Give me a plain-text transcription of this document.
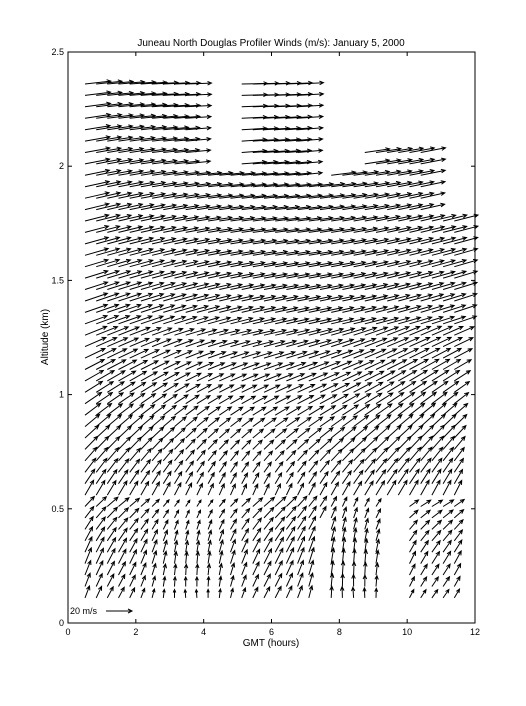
Juneau North Douglas Profiler Winds (m/s): January 5, 2000
0	2	4	6	8	10	12
0
0.5
1
1.5
2
2.5
GMT (hours)
Altitude (km)
20 m/s
